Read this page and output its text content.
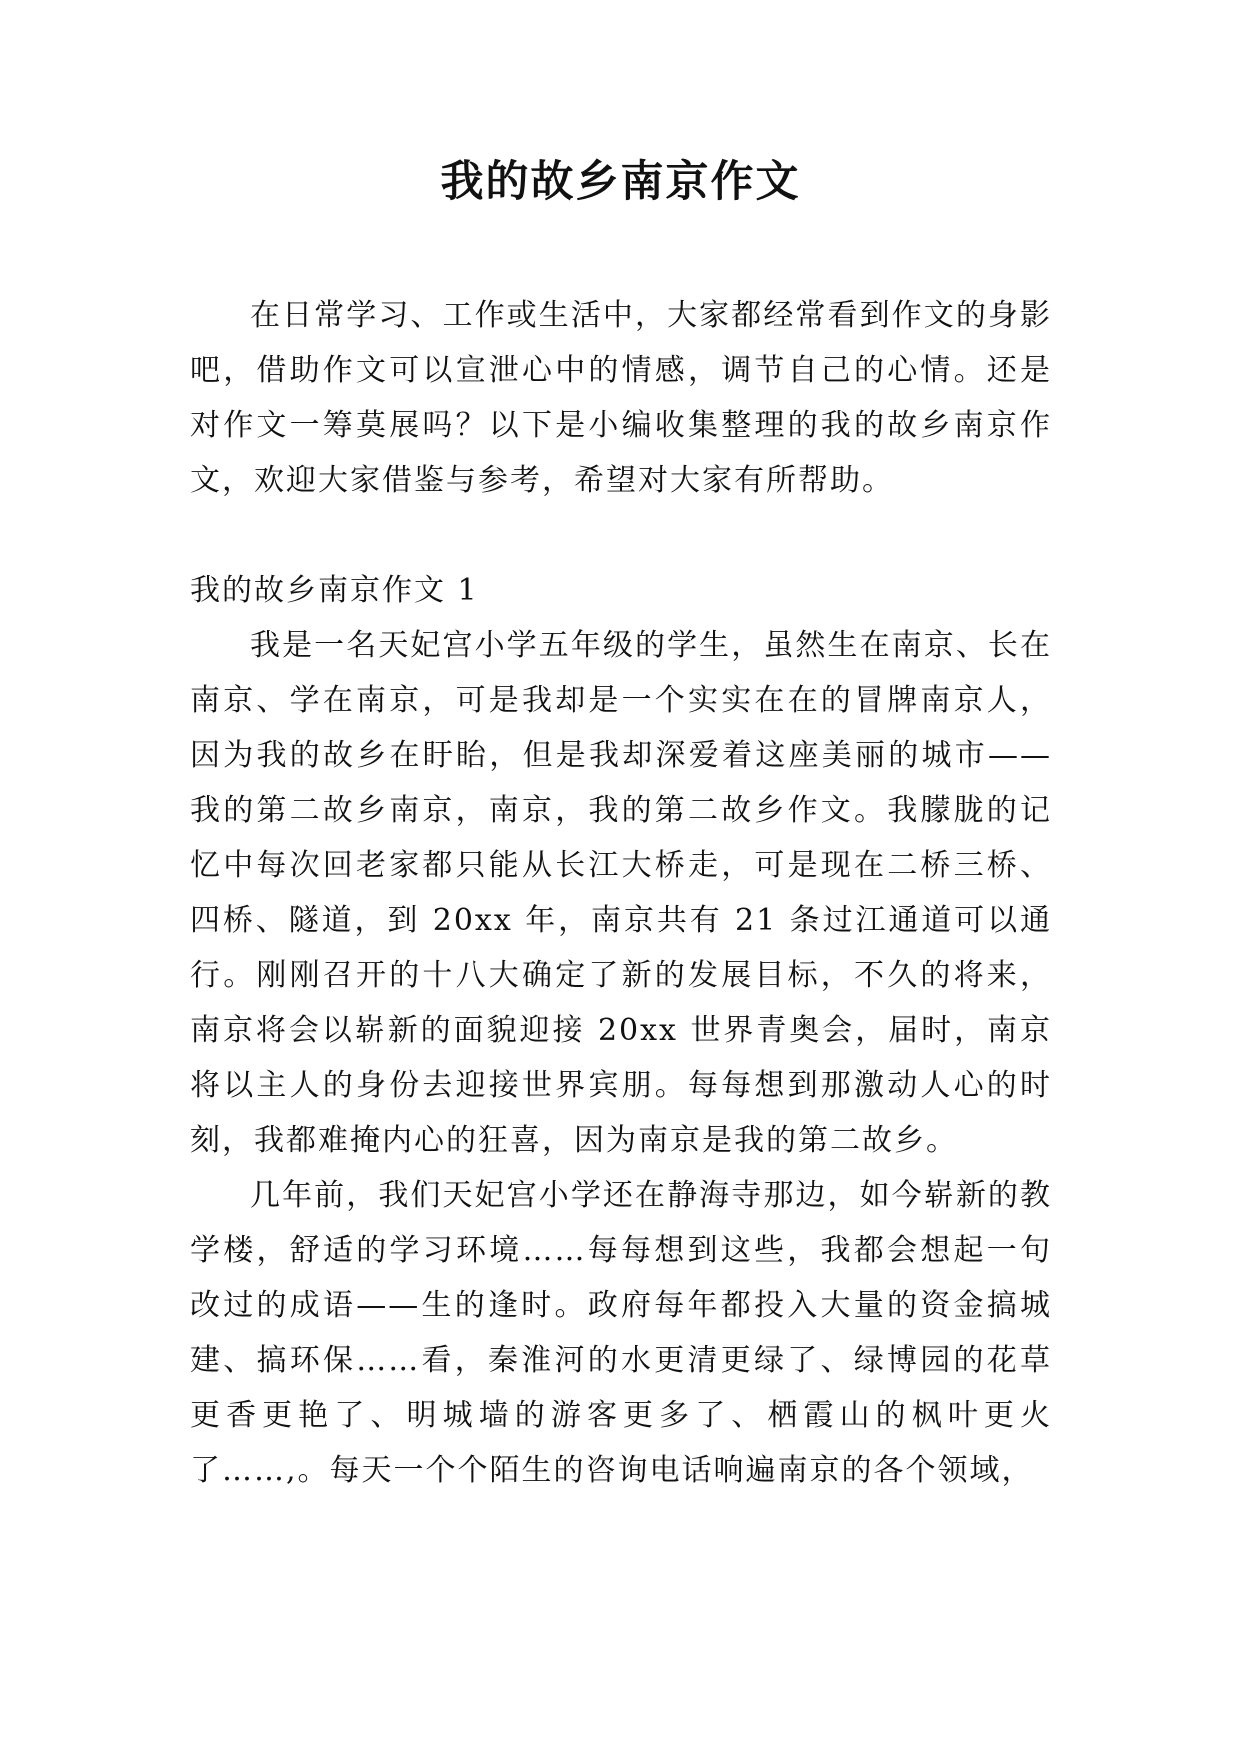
我的故乡南京作文

在日常学习、工作或生活中，大家都经常看到作文的身影吧，借助作文可以宣泄心中的情感，调节自己的心情。还是对作文一筹莫展吗？以下是小编收集整理的我的故乡南京作文，欢迎大家借鉴与参考，希望对大家有所帮助。

我的故乡南京作文 1

我是一名天妃宫小学五年级的学生，虽然生在南京、长在南京、学在南京，可是我却是一个实实在在的冒牌南京人，因为我的故乡在盱眙，但是我却深爱着这座美丽的城市——我的第二故乡南京，南京，我的第二故乡作文。我朦胧的记忆中每次回老家都只能从长江大桥走，可是现在二桥三桥、四桥、隧道，到 20xx 年，南京共有 21 条过江通道可以通行。刚刚召开的十八大确定了新的发展目标，不久的将来，南京将会以崭新的面貌迎接 20xx 世界青奥会，届时，南京将以主人的身份去迎接世界宾朋。每每想到那激动人心的时刻，我都难掩内心的狂喜，因为南京是我的第二故乡。

几年前，我们天妃宫小学还在静海寺那边，如今崭新的教学楼，舒适的学习环境……每每想到这些，我都会想起一句改过的成语——生的逢时。政府每年都投入大量的资金搞城建、搞环保……看，秦淮河的水更清更绿了、绿博园的花草更香更艳了、明城墙的游客更多了、栖霞山的枫叶更火了……,。每天一个个陌生的咨询电话响遍南京的各个领域，
